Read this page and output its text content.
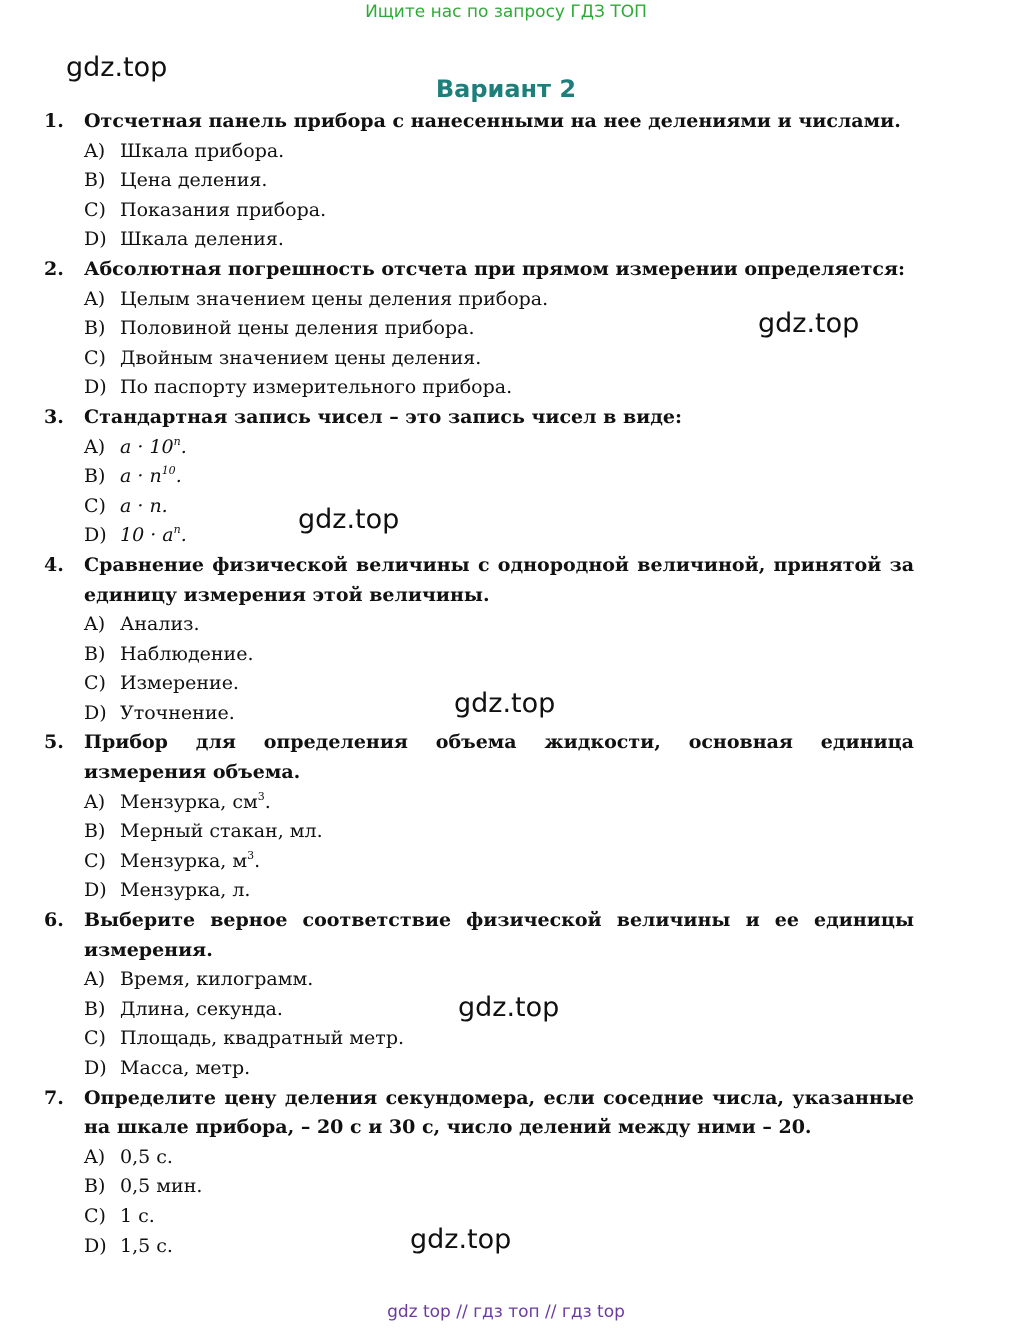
Ищите нас по запросу ГДЗ ТОП
gdz.top
gdz.top
gdz.top
gdz.top
gdz.top
gdz.top
Вариант 2
1. Отсчетная панель прибора с нанесенными на нее делениями и числами.
A) Шкала прибора.
B) Цена деления.
C) Показания прибора.
D) Шкала деления.
2. Абсолютная погрешность отсчета при прямом измерении определяется:
A) Целым значением цены деления прибора.
B) Половиной цены деления прибора.
C) Двойным значением цены деления.
D) По паспорту измерительного прибора.
3. Стандартная запись чисел – это запись чисел в виде:
A) $a \cdot 10^n$.
B) $a \cdot n^{10}$.
C) a · n.
D) $10 \cdot a^n$.
4. Сравнение физической величины с однородной величиной, принятой за единицу измерения этой величины.
A) Анализ.
B) Наблюдение.
C) Измерение.
D) Уточнение.
5. Прибор для определения объема жидкости, основная единица измерения объема.
A) Мензурка, $см^3$.
B) Мерный стакан, мл.
C) Мензурка, $м^3$.
D) Мензурка, л.
6. Выберите верное соответствие физической величины и ее единицы измерения.
A) Время, килограмм.
B) Длина, секунда.
C) Площадь, квадратный метр.
D) Масса, метр.
7. Определите цену деления секундомера, если соседние числа, указанные на шкале прибора, – 20 с и 30 с, число делений между ними – 20.
A) 0,5 с.
B) 0,5 мин.
C) 1 с.
D) 1,5 с.
gdz top // гдз топ // гдз top
